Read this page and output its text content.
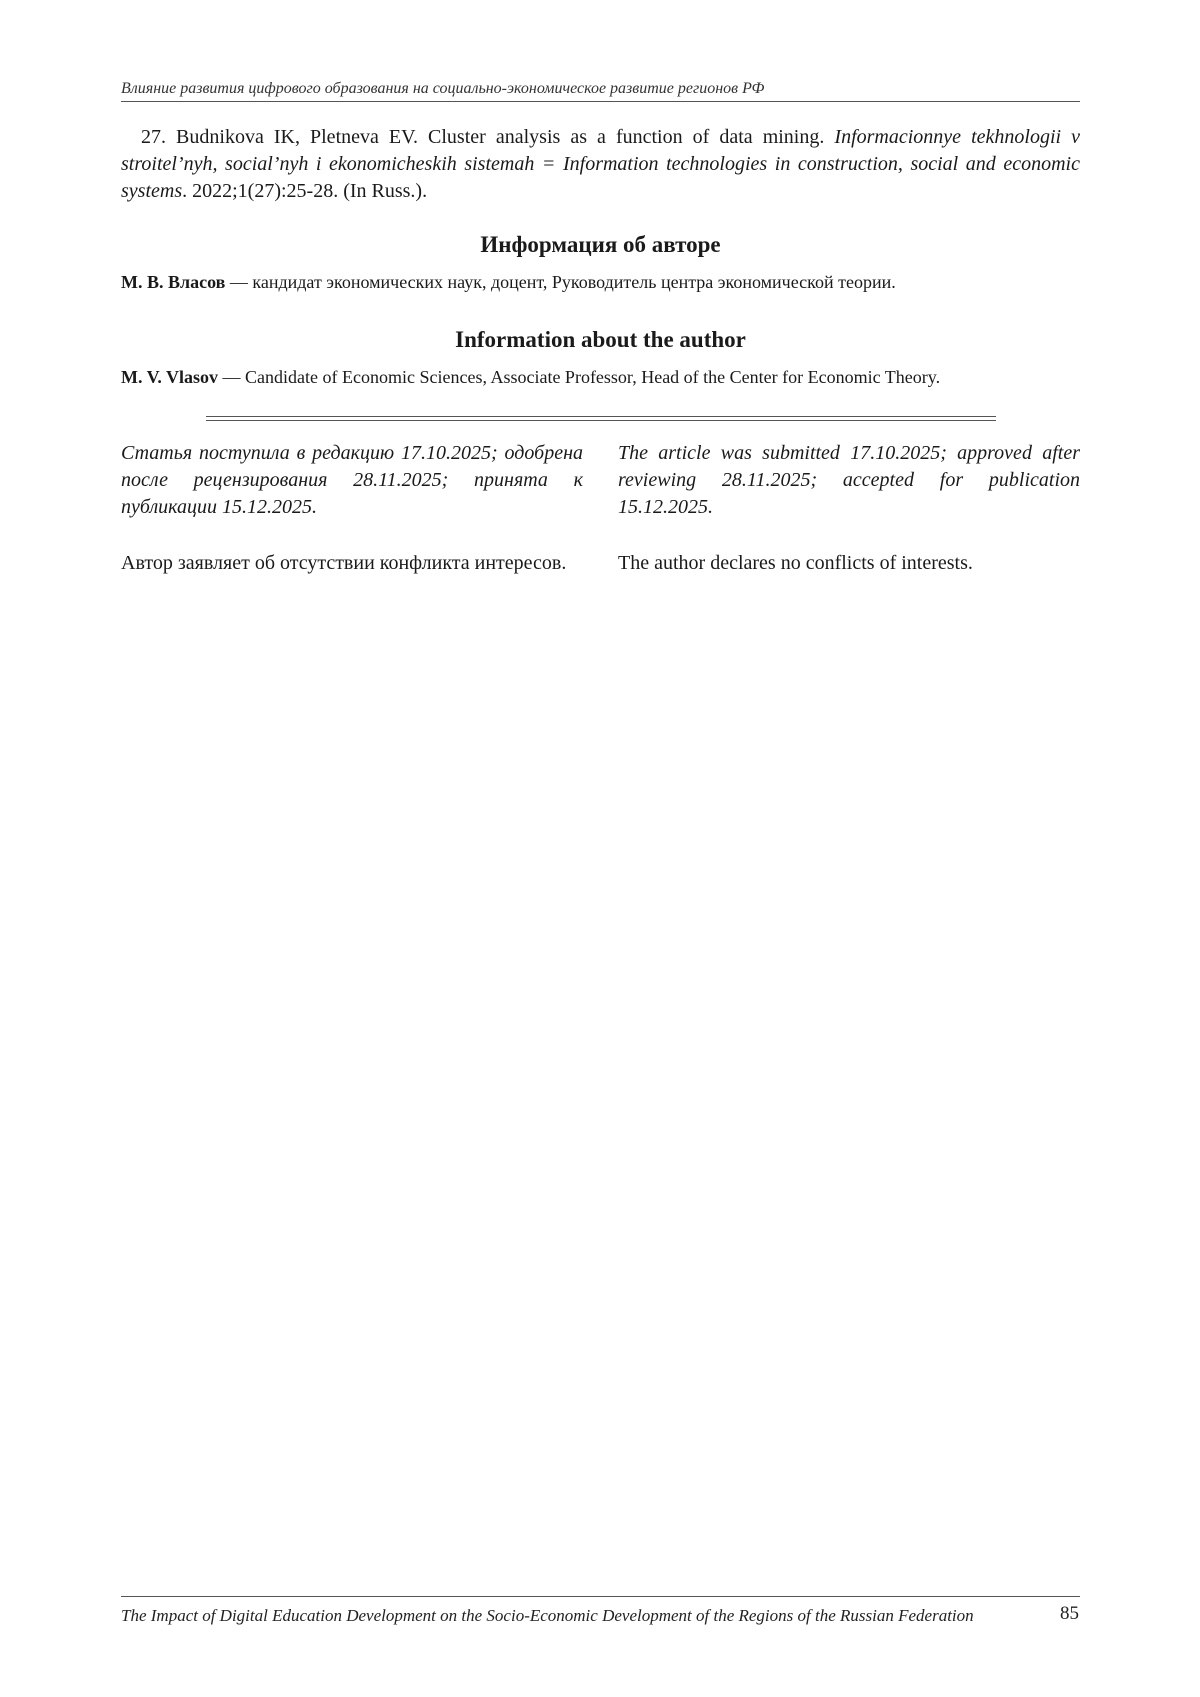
Влияние развития цифрового образования на социально-экономическое развитие регионов РФ
27. Budnikova IK, Pletneva EV. Cluster analysis as a function of data mining. Informacionnye tekhnologii v stroitel’nyh, social’nyh i ekonomicheskih sistemah = Information technologies in construction, social and economic systems. 2022;1(27):25-28. (In Russ.).
Информация об авторе
М. В. Власов — кандидат экономических наук, доцент, Руководитель центра экономической теории.
Information about the author
M. V. Vlasov — Candidate of Economic Sciences, Associate Professor, Head of the Center for Economic Theory.
Статья поступила в редакцию 17.10.2025; одобрена после рецензирования 28.11.2025; принята к публикации 15.12.2025.
The article was submitted 17.10.2025; approved after reviewing 28.11.2025; accepted for publication 15.12.2025.
Автор заявляет об отсутствии конфликта интересов.	The author declares no conflicts of interests.
The Impact of Digital Education Development on the Socio-Economic Development of the Regions of the Russian Federation	85
